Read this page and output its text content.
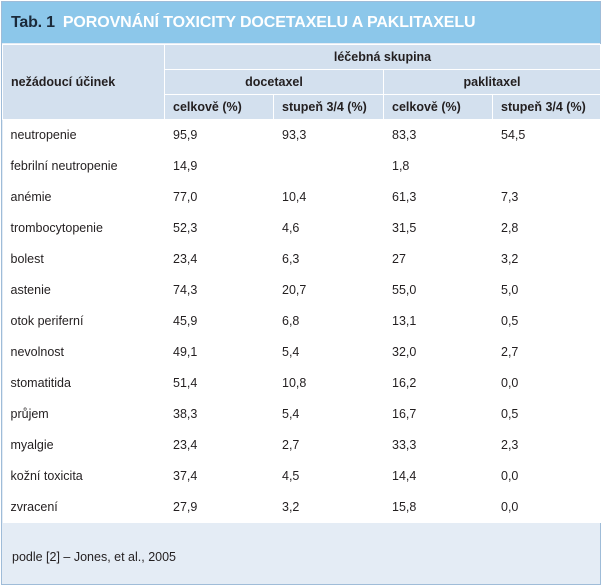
Tab. 1 POROVNÁNÍ TOXICITY DOCETAXELU A PAKLITAXELU
nežádoucí účinek	léčebná skupina			
	docetaxel		paklitaxel	
	celkově (%)	stupeň 3/4 (%)	celkově (%)	stupeň 3/4 (%)
neutropenie	95,9	93,3	83,3	54,5
febrilní neutropenie	14,9		1,8	
anémie	77,0	10,4	61,3	7,3
trombocytopenie	52,3	4,6	31,5	2,8
bolest	23,4	6,3	27	3,2
astenie	74,3	20,7	55,0	5,0
otok periferní	45,9	6,8	13,1	0,5
nevolnost	49,1	5,4	32,0	2,7
stomatitida	51,4	10,8	16,2	0,0
průjem	38,3	5,4	16,7	0,5
myalgie	23,4	2,7	33,3	2,3
kožní toxicita	37,4	4,5	14,4	0,0
zvracení	27,9	3,2	15,8	0,0
podle [2] – Jones, et al., 2005
